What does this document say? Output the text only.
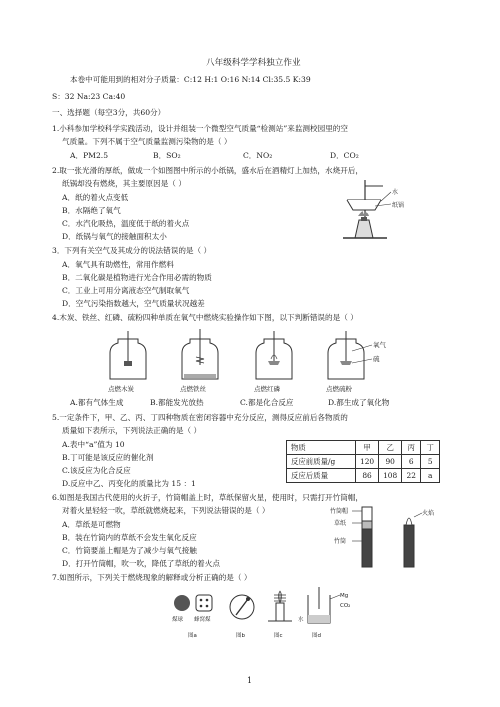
八年级科学学科独立作业
本卷中可能用到的相对分子质量：C:12 H:1 O:16 N:14 Cl:35.5 K:39
S：32 Na:23 Ca:40
一、选择题（每空3分，共60分）
1.小科参加学校科学实践活动，设计并组装一个微型空气质量“检测站”来监测校园里的空
气质量。下列不属于空气质量监测污染物的是（ ）
A．PM2.5	B．SO₂	C．NO₂	D．CO₂
2.取一张光滑的厚纸，做成一个如图图中所示的小纸锅，盛水后在酒精灯上加热，水烧开后，
纸锅却没有燃烧，其主要原因是（ ）
A．纸的着火点变低
B．水隔绝了氧气
C．水汽化吸热，温度低于纸的着火点
D．纸锅与氧气的接触面积太小
水
纸锅
3．下列有关空气及其成分的说法错误的是（ ）
A．氧气具有助燃性，常用作燃料
B．二氧化碳是植物进行光合作用必需的物质
C．工业上可用分离液态空气制取氧气
D．空气污染指数越大，空气质量状况越差
4.木炭、铁丝、红磷、硫粉四种单质在氧气中燃烧实验操作如下图，以下判断错误的是（ ）
点燃木炭	点燃铁丝	点燃红磷
氧气
硫
点燃硫粉
A.都有气体生成	B.都能发光放热	C.都是化合反应	D.都生成了氧化物
5.一定条件下，甲、乙、丙、丁四种物质在密闭容器中充分反应，测得反应前后各物质的
质量如下表所示，下列说法正确的是（ ）
A.表中“a”值为 10
B.丁可能是该反应的催化剂
C.该反应为化合反应
D.反应中乙、丙变化的质量比为 15 ：1
物质	甲	乙	丙	丁
反应前质量/g	120	90	6	5
反应后质量	86	108	22	a
6.如图是我国古代使用的火折子，竹筒帽盖上时，草纸保留火星，使用时，只需打开竹筒帽，
对着火星轻轻一吹，草纸就燃烧起来，下列说法错误的是（ ）
A．草纸是可燃物
B．装在竹筒内的草纸不会发生氧化反应
C．竹筒要盖上帽是为了减少与氧气接触
D．打开竹筒帽，吹一吹，降低了草纸的着火点
竹筒帽
草纸
竹筒
火焰
7.如图所示，下列关于燃烧现象的解释或分析正确的是（ ）
煤球 蜂窝煤
图a	图b	图c
Mg
CO₂
水
图d
1
